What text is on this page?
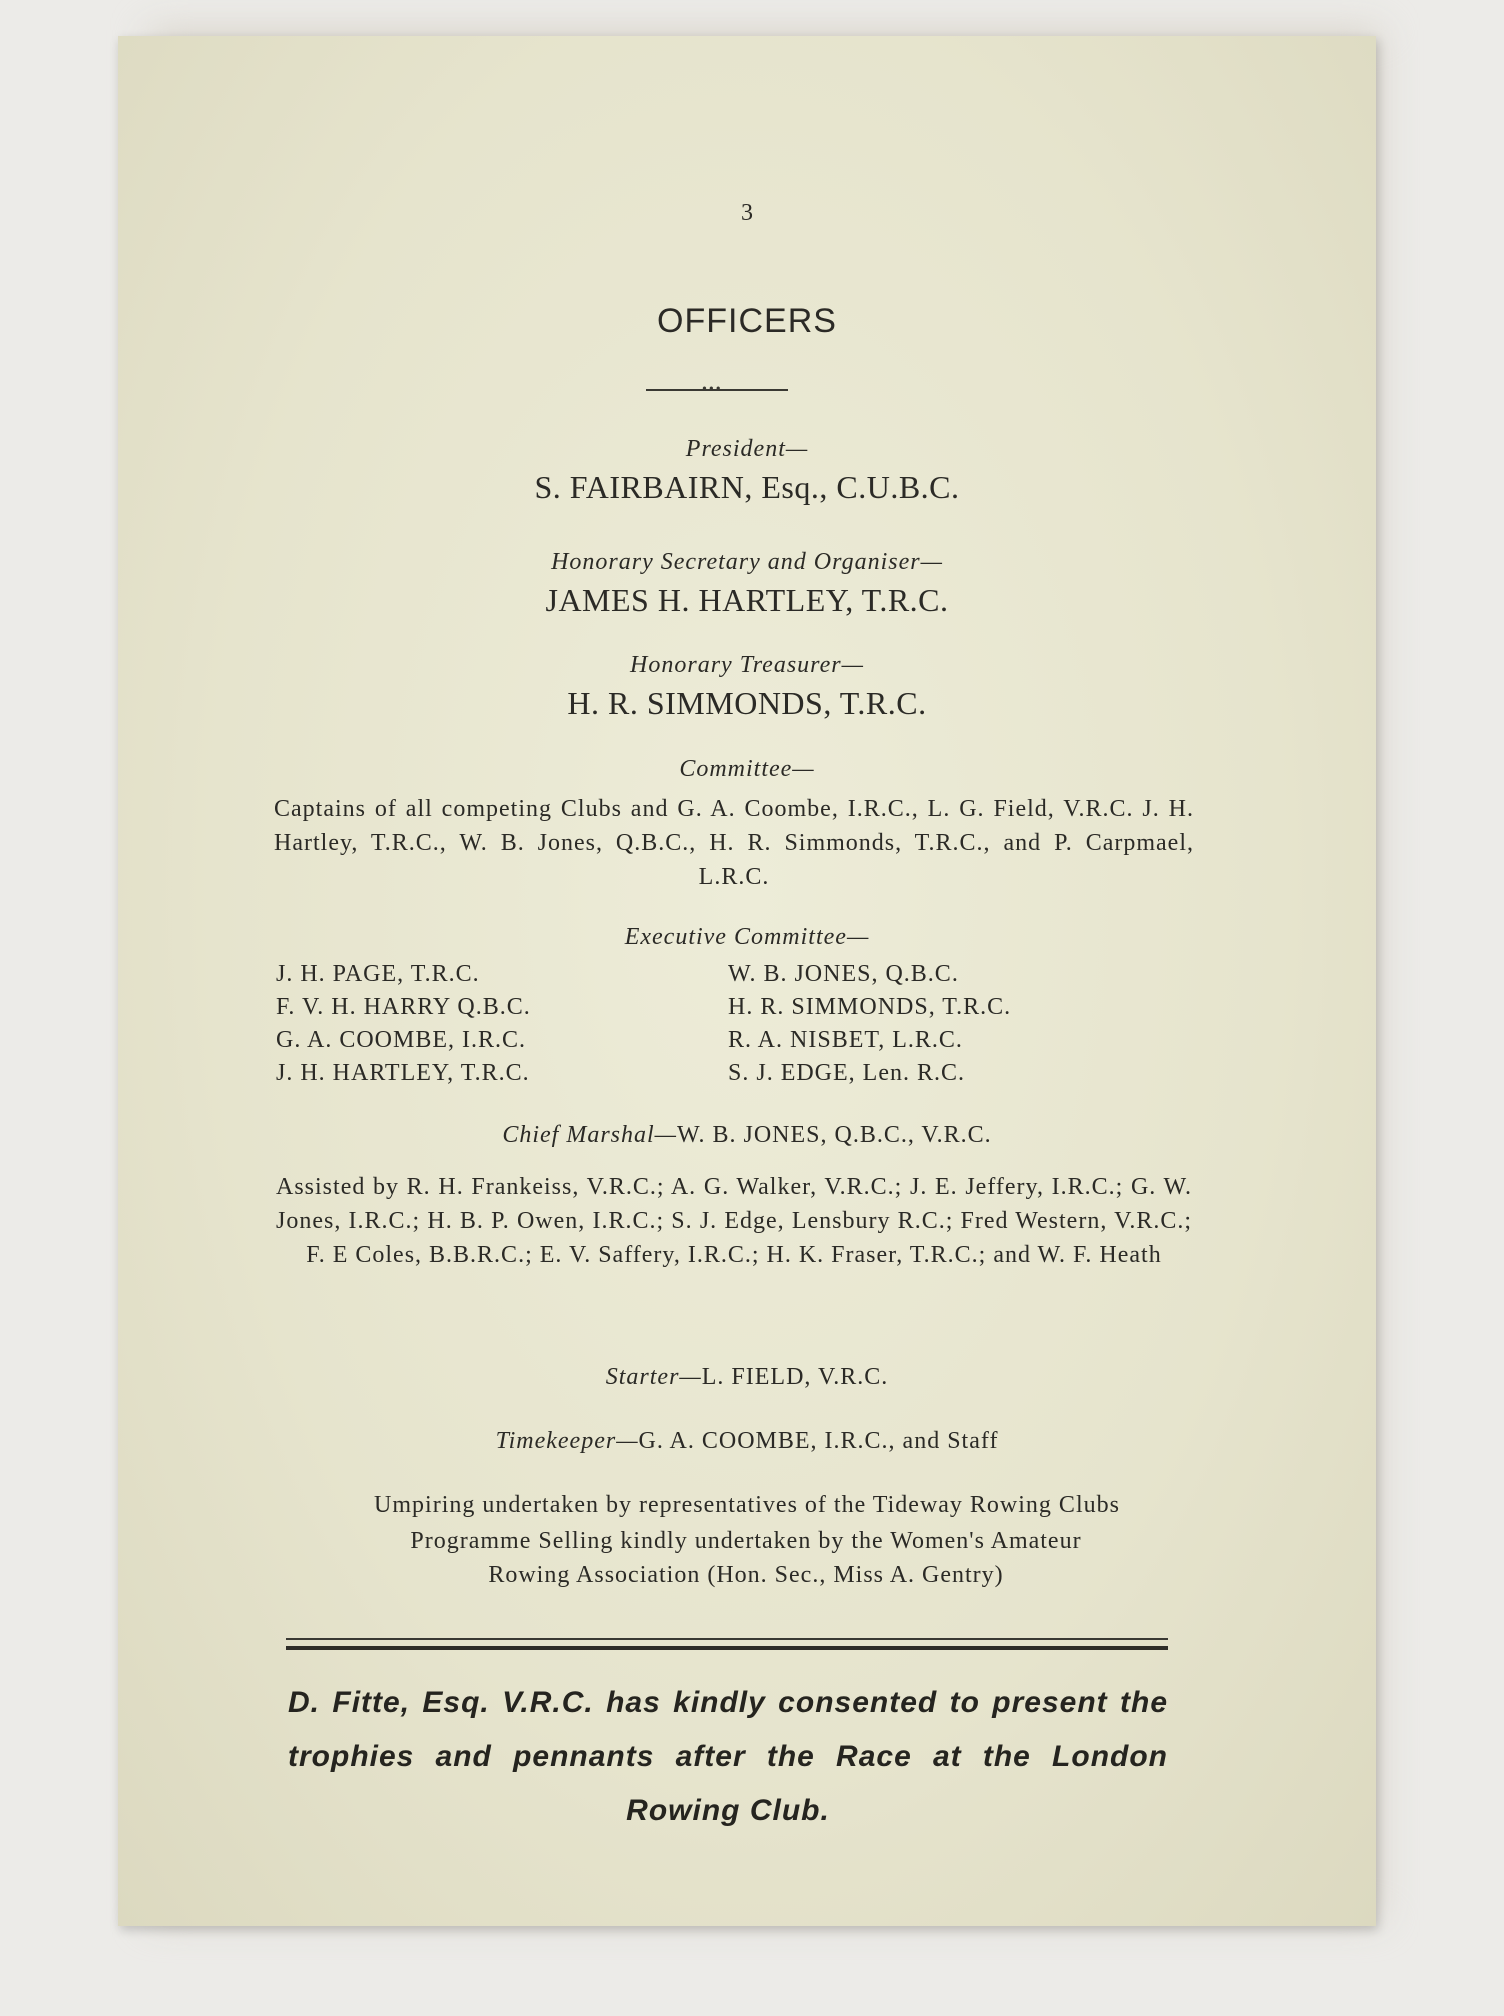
3
OFFICERS
•••
President—
S. FAIRBAIRN, Esq., C.U.B.C.
Honorary Secretary and Organiser—
JAMES H. HARTLEY, T.R.C.
Honorary Treasurer—
H. R. SIMMONDS, T.R.C.
Committee—
Captains of all competing Clubs and G. A. Coombe, I.R.C., L. G. Field, V.R.C. J. H. Hartley, T.R.C., W. B. Jones, Q.B.C., H. R. Simmonds, T.R.C., and P. Carpmael, L.R.C.
Executive Committee—
J. H. PAGE, T.R.C.
F. V. H. HARRY Q.B.C.
G. A. COOMBE, I.R.C.
J. H. HARTLEY, T.R.C.
W. B. JONES, Q.B.C.
H. R. SIMMONDS, T.R.C.
R. A. NISBET, L.R.C.
S. J. EDGE, Len. R.C.
Chief Marshal—W. B. JONES, Q.B.C., V.R.C.
Assisted by R. H. Frankeiss, V.R.C.; A. G. Walker, V.R.C.; J. E. Jeffery, I.R.C.; G. W. Jones, I.R.C.; H. B. P. Owen, I.R.C.; S. J. Edge, Lensbury R.C.; Fred Western, V.R.C.; F. E Coles, B.B.R.C.; E. V. Saffery, I.R.C.; H. K. Fraser, T.R.C.; and W. F. Heath
Starter—L. FIELD, V.R.C.
Timekeeper—G. A. COOMBE, I.R.C., and Staff
Umpiring undertaken by representatives of the Tideway Rowing Clubs
Programme Selling kindly undertaken by the Women's Amateur Rowing Association (Hon. Sec., Miss A. Gentry)
D. Fitte, Esq. V.R.C. has kindly consented to present the trophies and pennants after the Race at the London Rowing Club.
